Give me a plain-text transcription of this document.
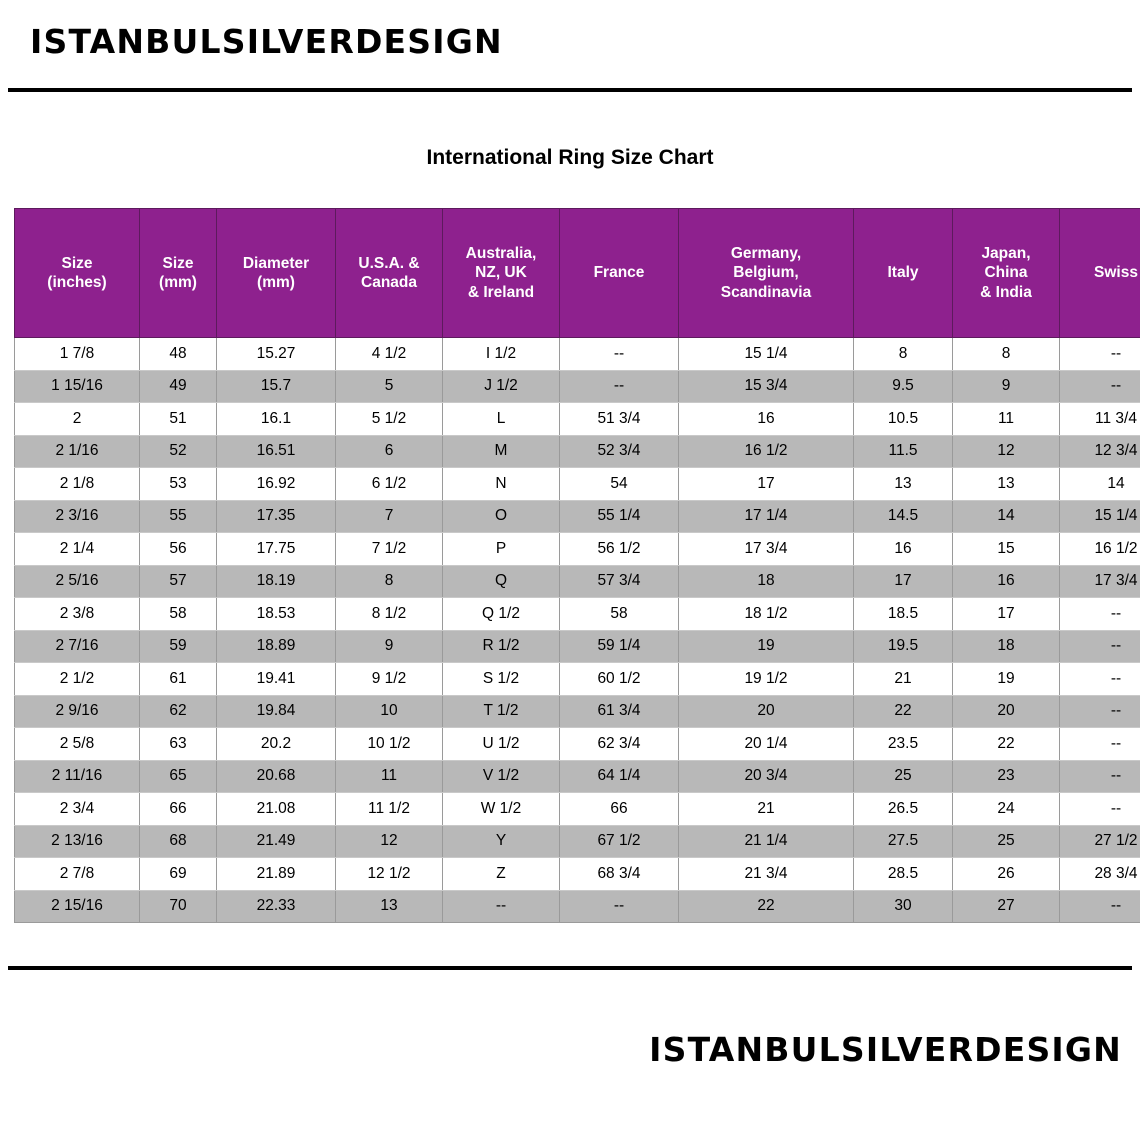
ISTANBULSILVERDESIGN
International Ring Size Chart
Size
(inches)	Size
(mm)	Diameter
(mm)	U.S.A. &
Canada	Australia,
NZ, UK
& Ireland	France	Germany,
Belgium,
Scandinavia	Italy	Japan,
China
& India	Swiss
1 7/8	48	15.27	4 1/2	I 1/2	--	15 1/4	8	8	--
1 15/16	49	15.7	5	J 1/2	--	15 3/4	9.5	9	--
2	51	16.1	5 1/2	L	51 3/4	16	10.5	11	11 3/4
2 1/16	52	16.51	6	M	52 3/4	16 1/2	11.5	12	12 3/4
2 1/8	53	16.92	6 1/2	N	54	17	13	13	14
2 3/16	55	17.35	7	O	55 1/4	17 1/4	14.5	14	15 1/4
2 1/4	56	17.75	7 1/2	P	56 1/2	17 3/4	16	15	16 1/2
2 5/16	57	18.19	8	Q	57 3/4	18	17	16	17 3/4
2 3/8	58	18.53	8 1/2	Q 1/2	58	18 1/2	18.5	17	--
2 7/16	59	18.89	9	R 1/2	59 1/4	19	19.5	18	--
2 1/2	61	19.41	9 1/2	S 1/2	60 1/2	19 1/2	21	19	--
2 9/16	62	19.84	10	T 1/2	61 3/4	20	22	20	--
2 5/8	63	20.2	10 1/2	U 1/2	62 3/4	20 1/4	23.5	22	--
2 11/16	65	20.68	11	V 1/2	64 1/4	20 3/4	25	23	--
2 3/4	66	21.08	11 1/2	W 1/2	66	21	26.5	24	--
2 13/16	68	21.49	12	Y	67 1/2	21 1/4	27.5	25	27 1/2
2 7/8	69	21.89	12 1/2	Z	68 3/4	21 3/4	28.5	26	28 3/4
2 15/16	70	22.33	13	--	--	22	30	27	--
ISTANBULSILVERDESIGN
